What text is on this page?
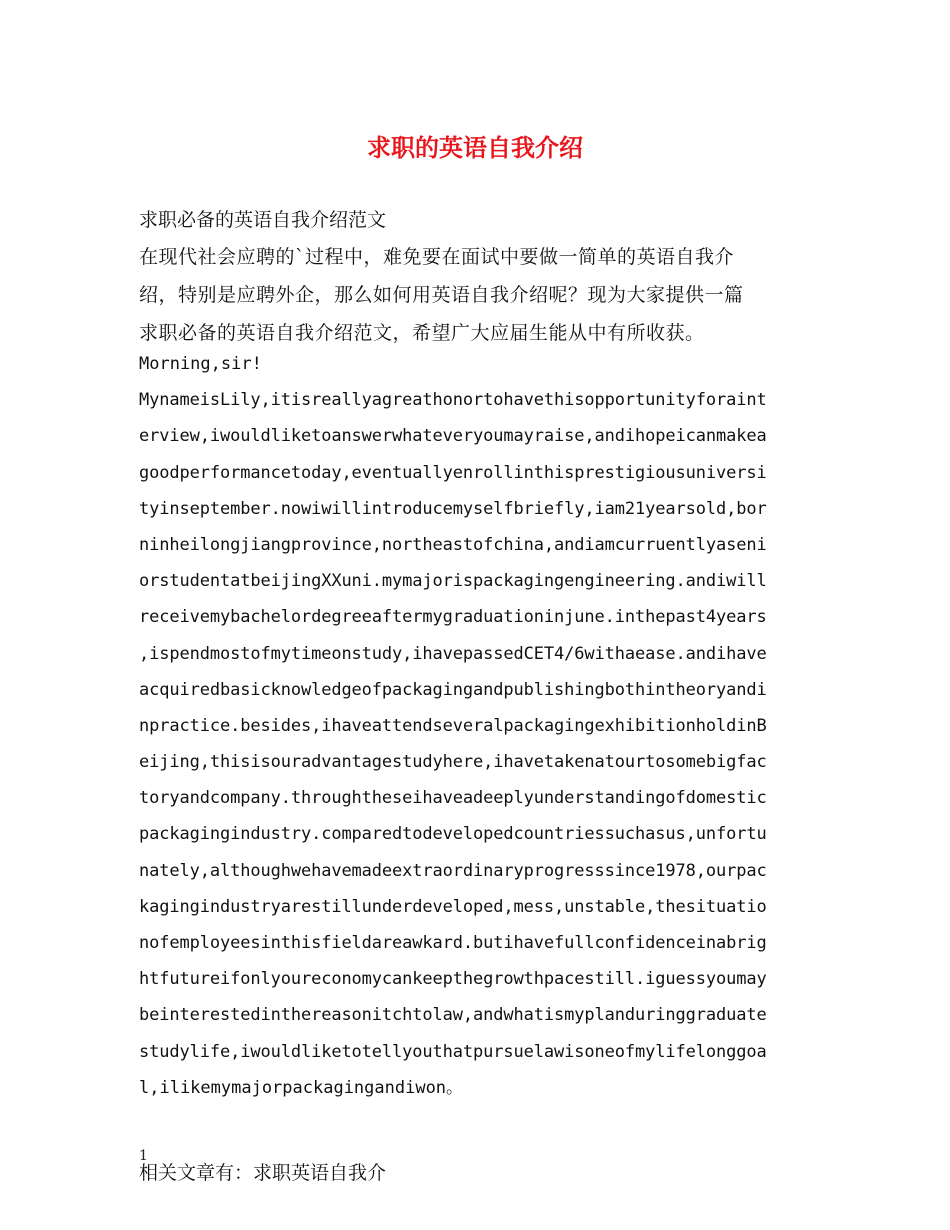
求职的英语自我介绍

求职必备的英语自我介绍范文

在现代社会应聘的`过程中，难免要在面试中要做一简单的英语自我介
绍，特别是应聘外企，那么如何用英语自我介绍呢？现为大家提供一篇
求职必备的英语自我介绍范文，希望广大应届生能从中有所收获。
Morning,sir!
MynameisLily,itisreallyagreathonortohavethisopportunityforaint
erview,iwouldliketoanswerwhateveryoumayraise,andihopeicanmakea
goodperformancetoday,eventuallyenrollinthisprestigiousuniversi
tyinseptember.nowiwillintroducemyselfbriefly,iam21yearsold,bor
ninheilongjiangprovince,northeastofchina,andiamcurruentlyaseni
orstudentatbeijingXXuni.mymajorispackagingengineering.andiwill
receivemybachelordegreeaftermygraduationinjune.inthepast4years
,ispendmostofmytimeonstudy,ihavepassedCET4/6withaease.andihave
acquiredbasicknowledgeofpackagingandpublishingbothintheoryandi
npractice.besides,ihaveattendseveralpackagingexhibitionholdinB
eijing,thisisouradvantagestudyhere,ihavetakenatourtosomebigfac
toryandcompany.throughtheseihaveadeeplyunderstandingofdomestic
packagingindustry.comparedtodevelopedcountriessuchasus,unfortu
nately,althoughwehavemadeextraordinaryprogresssince1978,ourpac
kagingindustryarestillunderdeveloped,mess,unstable,thesituatio
nofemployeesinthisfieldareawkard.butihavefullconfidenceinabrig
htfutureifonlyoureconomycankeepthegrowthpacestill.iguessyoumay
beinterestedinthereasonitchtolaw,andwhatismyplanduringgraduate
studylife,iwouldliketotellyouthatpursuelawisoneofmylifelonggoa
l,ilikemymajorpackagingandiwon。
相关文章有：求职英语自我介
1
